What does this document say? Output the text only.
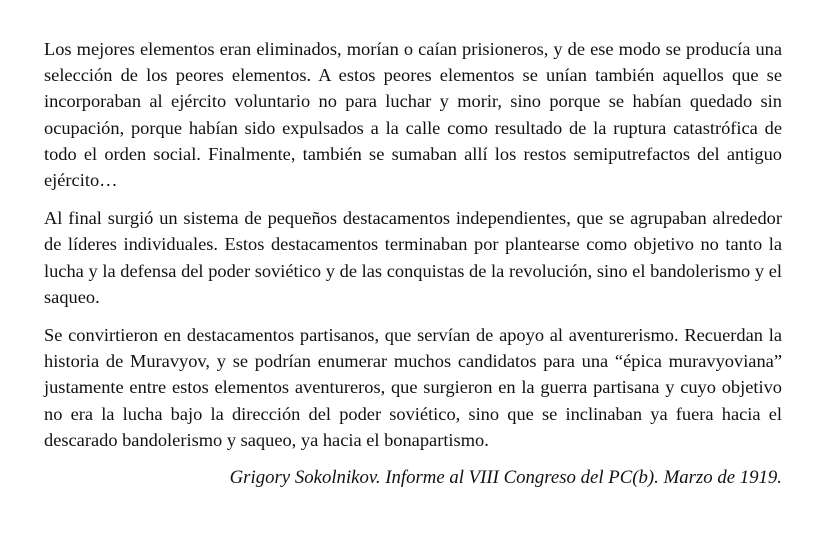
Los mejores elementos eran eliminados, morían o caían prisioneros, y de ese modo se producía una selección de los peores elementos. A estos peores elementos se unían también aquellos que se incorporaban al ejército voluntario no para luchar y morir, sino porque se habían quedado sin ocupación, porque habían sido expulsados a la calle como resultado de la ruptura catastrófica de todo el orden social. Finalmente, también se sumaban allí los restos semiputrefactos del antiguo ejército…

Al final surgió un sistema de pequeños destacamentos independientes, que se agrupaban alrededor de líderes individuales. Estos destacamentos terminaban por plantearse como objetivo no tanto la lucha y la defensa del poder soviético y de las conquistas de la revolución, sino el bandolerismo y el saqueo.

Se convirtieron en destacamentos partisanos, que servían de apoyo al aventurerismo. Recuerdan la historia de Muravyov, y se podrían enumerar muchos candidatos para una “épica muravyoviana” justamente entre estos elementos aventureros, que surgieron en la guerra partisana y cuyo objetivo no era la lucha bajo la dirección del poder soviético, sino que se inclinaban ya fuera hacia el descarado bandolerismo y saqueo, ya hacia el bonapartismo.

Grigory Sokolnikov. Informe al VIII Congreso del PC(b). Marzo de 1919.
